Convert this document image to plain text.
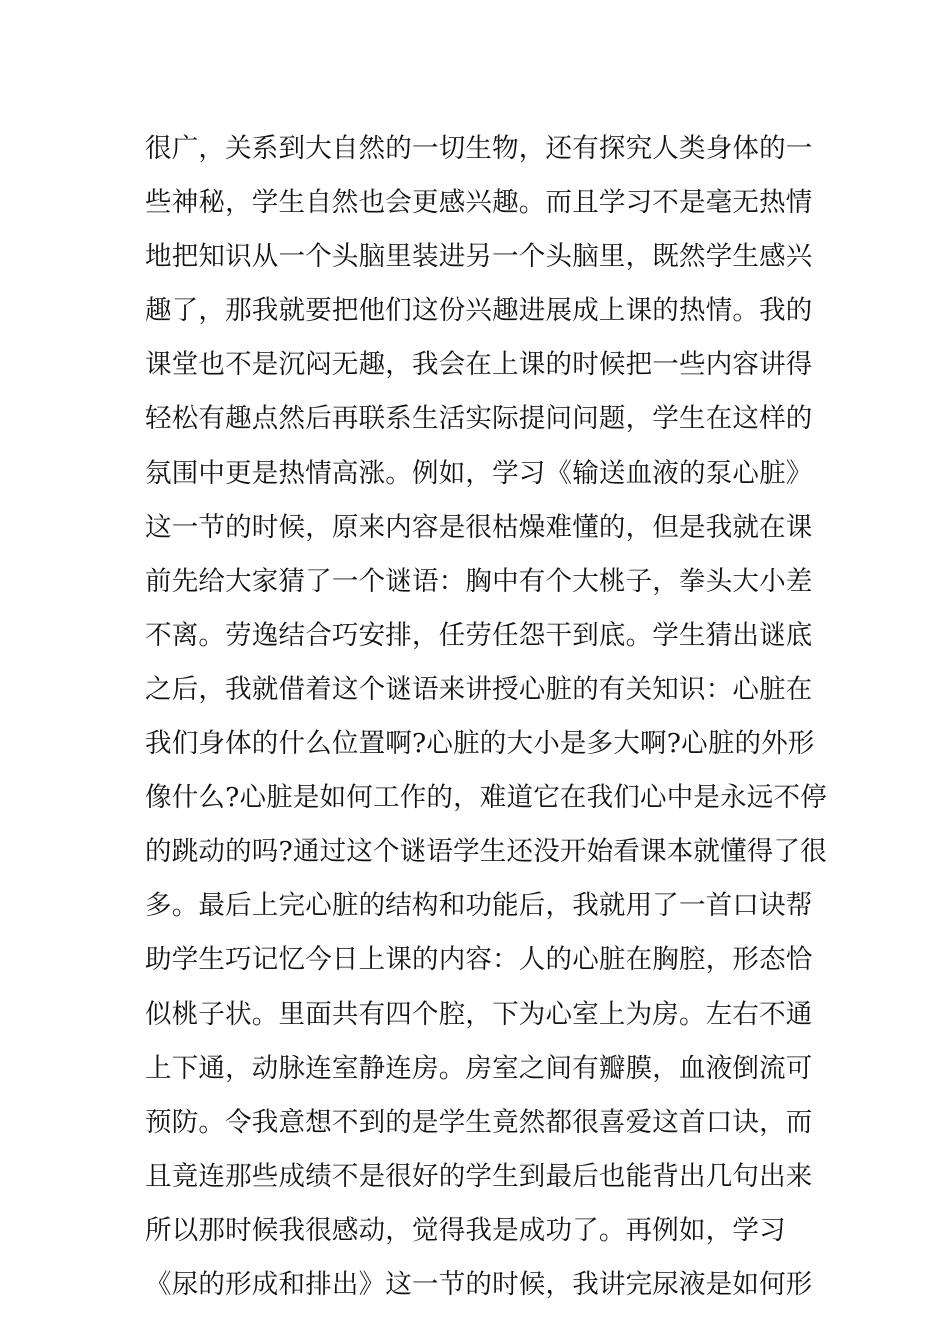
很广，关系到大自然的一切生物，还有探究人类身体的一
些神秘，学生自然也会更感兴趣。而且学习不是毫无热情
地把知识从一个头脑里装进另一个头脑里，既然学生感兴
趣了，那我就要把他们这份兴趣进展成上课的热情。我的
课堂也不是沉闷无趣，我会在上课的时候把一些内容讲得
轻松有趣点然后再联系生活实际提问问题，学生在这样的
氛围中更是热情高涨。例如，学习《输送血液的泵心脏》
这一节的时候，原来内容是很枯燥难懂的，但是我就在课
前先给大家猜了一个谜语：胸中有个大桃子，拳头大小差
不离。劳逸结合巧安排，任劳任怨干到底。学生猜出谜底
之后，我就借着这个谜语来讲授心脏的有关知识：心脏在
我们身体的什么位置啊?心脏的大小是多大啊?心脏的外形
像什么?心脏是如何工作的，难道它在我们心中是永远不停
的跳动的吗?通过这个谜语学生还没开始看课本就懂得了很
多。最后上完心脏的结构和功能后，我就用了一首口诀帮
助学生巧记忆今日上课的内容：人的心脏在胸腔，形态恰
似桃子状。里面共有四个腔，下为心室上为房。左右不通
上下通，动脉连室静连房。房室之间有瓣膜，血液倒流可
预防。令我意想不到的是学生竟然都很喜爱这首口诀，而
且竟连那些成绩不是很好的学生到最后也能背出几句出来
所以那时候我很感动，觉得我是成功了。再例如，学习
《尿的形成和排出》这一节的时候，我讲完尿液是如何形
